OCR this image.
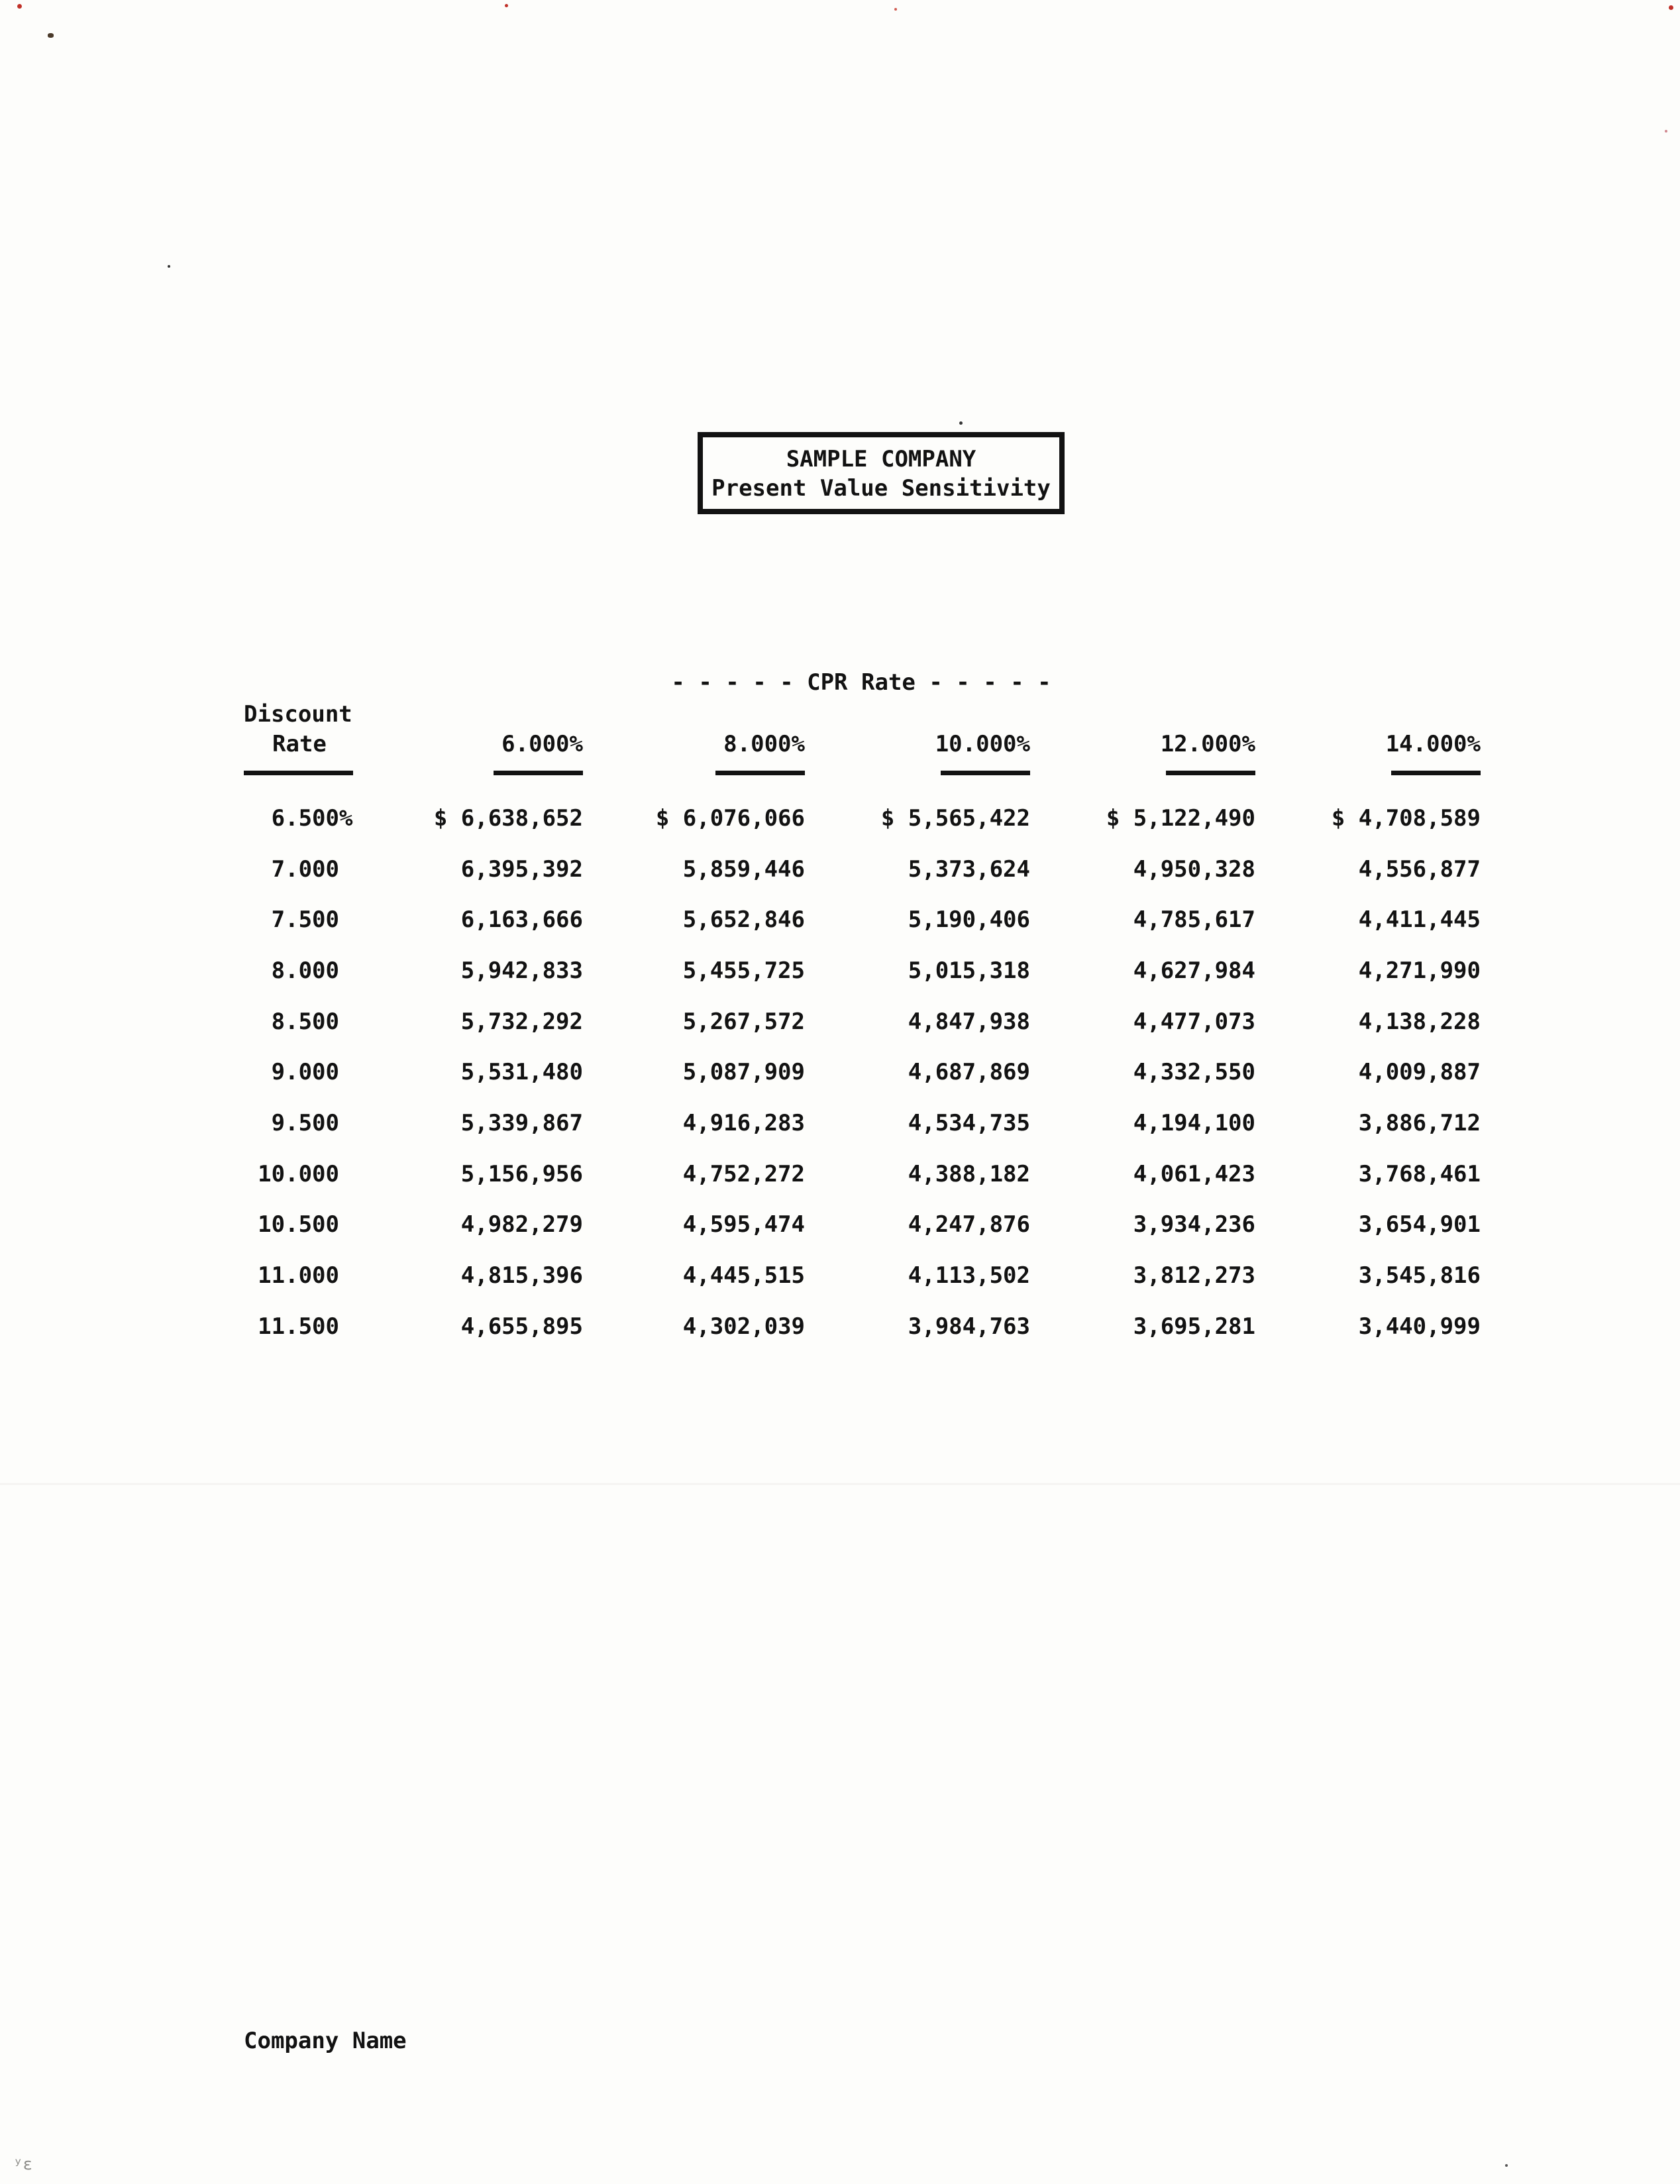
SAMPLE COMPANY
Present Value Sensitivity
- - - - - CPR Rate - - - - -
Discount
Rate	6.000%	8.000%	10.000%	12.000%	14.000%
6.500%	$ 6,638,652	$ 6,076,066	$ 5,565,422	$ 5,122,490	$ 4,708,589
7.000	6,395,392	5,859,446	5,373,624	4,950,328	4,556,877
7.500	6,163,666	5,652,846	5,190,406	4,785,617	4,411,445
8.000	5,942,833	5,455,725	5,015,318	4,627,984	4,271,990
8.500	5,732,292	5,267,572	4,847,938	4,477,073	4,138,228
9.000	5,531,480	5,087,909	4,687,869	4,332,550	4,009,887
9.500	5,339,867	4,916,283	4,534,735	4,194,100	3,886,712
10.000	5,156,956	4,752,272	4,388,182	4,061,423	3,768,461
10.500	4,982,279	4,595,474	4,247,876	3,934,236	3,654,901
11.000	4,815,396	4,445,515	4,113,502	3,812,273	3,545,816
11.500	4,655,895	4,302,039	3,984,763	3,695,281	3,440,999
Company Name
ʸε
